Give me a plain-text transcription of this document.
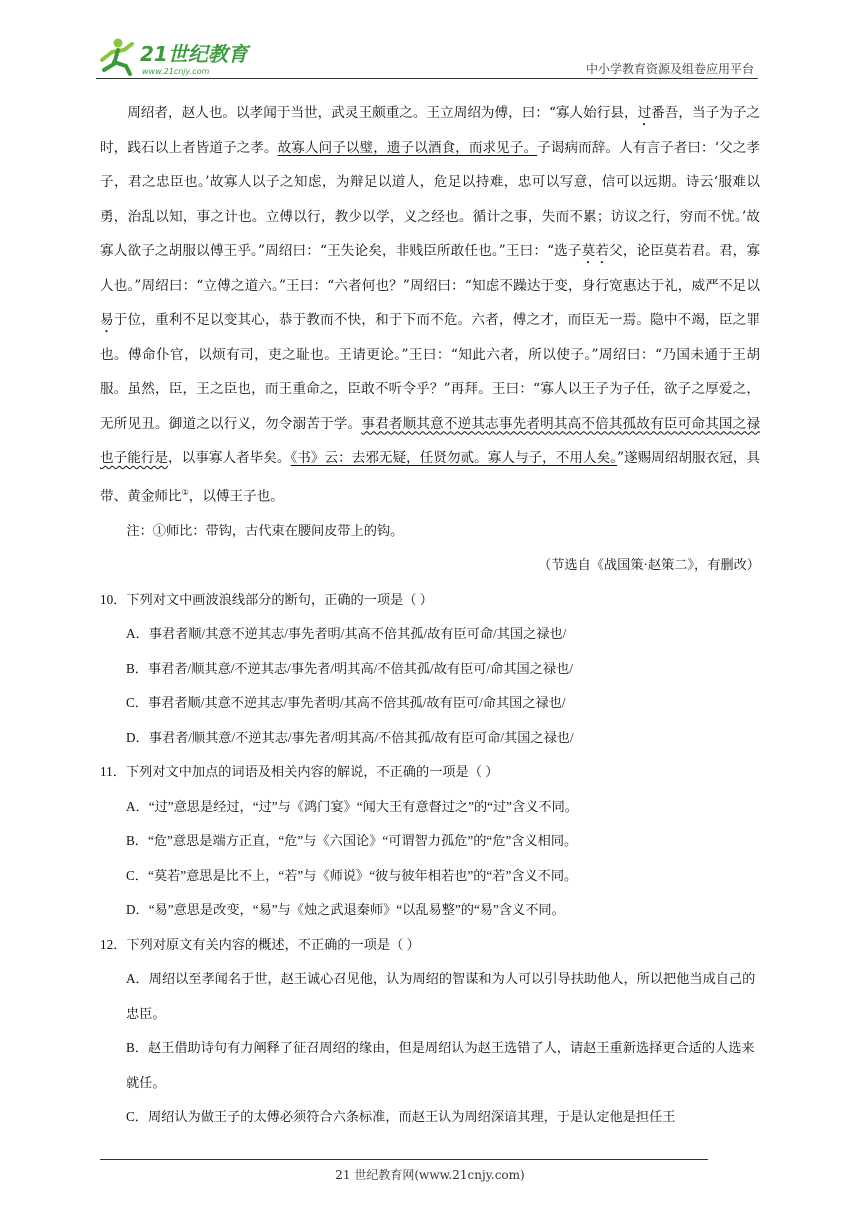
21世纪教育
www.21cnjy.com	中小学教育资源及组卷应用平台

周绍者，赵人也。以孝闻于当世，武灵王颇重之。王立周绍为傅，曰：“寡人始行县，过番吾，当子为子之时，践石以上者皆道子之孝。故寡人问子以璧，遗子以酒食，而求见子。子谒病而辞。人有言子者曰：‘父之孝子，君之忠臣也。’故寡人以子之知虑，为辩足以道人，危足以持难，忠可以写意，信可以远期。诗云‘服难以勇，治乱以知，事之计也。立傅以行，教少以学，义之经也。循计之事，失而不累；访议之行，穷而不忧。’故寡人欲子之胡服以傅王乎。”周绍曰：“王失论矣，非贱臣所敢任也。”王曰：“选子莫若父，论臣莫若君。君，寡人也。”周绍曰：“立傅之道六。”王曰：“六者何也？”周绍曰：“知虑不躁达于变，身行宽惠达于礼，威严不足以易于位，重利不足以变其心，恭于教而不快，和于下而不危。六者，傅之才，而臣无一焉。隐中不竭，臣之罪也。傅命仆官，以烦有司，吏之耻也。王请更论。”王曰：“知此六者，所以使子。”周绍曰：“乃国未通于王胡服。虽然，臣，王之臣也，而王重命之，臣敢不听令乎？”再拜。王曰：“寡人以王子为子任，欲子之厚爱之，无所见丑。御道之以行义，勿令溺苦于学。事君者顺其意不逆其志事先者明其高不倍其孤故有臣可命其国之禄也子能行是，以事寡人者毕矣。《书》云：去邪无疑，任贤勿贰。寡人与子，不用人矣。”遂赐周绍胡服衣冠，具带、黄金师比①，以傅王子也。

注：①师比：带钩，古代束在腰间皮带上的钩。

（节选自《战国策·赵策二》，有删改）

10．下列对文中画波浪线部分的断句，正确的一项是（ ）

A．事君者顺/其意不逆其志/事先者明/其高不倍其孤/故有臣可命/其国之禄也/

B．事君者/顺其意/不逆其志/事先者/明其高/不倍其孤/故有臣可/命其国之禄也/

C．事君者顺/其意不逆其志/事先者明/其高不倍其孤/故有臣可/命其国之禄也/

D．事君者/顺其意/不逆其志/事先者/明其高/不倍其孤/故有臣可命/其国之禄也/

11．下列对文中加点的词语及相关内容的解说，不正确的一项是（ ）

A．“过”意思是经过，“过”与《鸿门宴》“闻大王有意督过之”的“过”含义不同。

B．“危”意思是端方正直，“危”与《六国论》“可谓智力孤危”的“危”含义相同。

C．“莫若”意思是比不上，“若”与《师说》“彼与彼年相若也”的“若”含义不同。

D．“易”意思是改变，“易”与《烛之武退秦师》“以乱易整”的“易”含义不同。

12．下列对原文有关内容的概述，不正确的一项是（ ）

A．周绍以至孝闻名于世，赵王诚心召见他，认为周绍的智谋和为人可以引导扶助他人，所以把他当成自己的忠臣。

B．赵王借助诗句有力阐释了征召周绍的缘由，但是周绍认为赵王选错了人，请赵王重新选择更合适的人选来就任。

C．周绍认为做王子的太傅必须符合六条标准，而赵王认为周绍深谙其理，于是认定他是担任王

21 世纪教育网(www.21cnjy.com)
